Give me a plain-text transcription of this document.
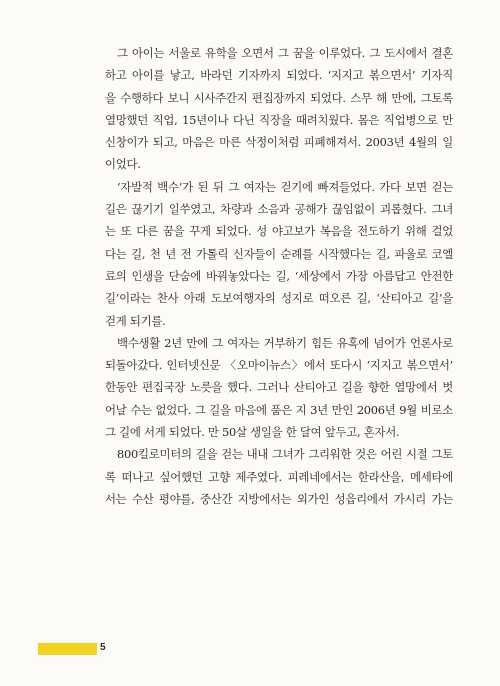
그 아이는 서울로 유학을 오면서 그 꿈을 이루었다. 그 도시에서 결혼
하고 아이를 낳고, 바라던 기자까지 되었다. ‘지지고 볶으면서’ 기자직
을 수행하다 보니 시사주간지 편집장까지 되었다. 스무 해 만에, 그토록
열망했던 직업, 15년이나 다닌 직장을 때려치웠다. 몸은 직업병으로 만
신창이가 되고, 마음은 마른 삭정이처럼 피폐해져서. 2003년 4월의 일
이었다.

‘자발적 백수’가 된 뒤 그 여자는 걷기에 빠져들었다. 가다 보면 걷는
길은 끊기기 일쑤였고, 차량과 소음과 공해가 끊임없이 괴롭혔다. 그녀
는 또 다른 꿈을 꾸게 되었다. 성 야고보가 복음을 전도하기 위해 걸었
다는 길, 천 년 전 가톨릭 신자들이 순례를 시작했다는 길, 파울로 코엘
료의 인생을 단숨에 바꿔놓았다는 길, ‘세상에서 가장 아름답고 안전한
길’이라는 찬사 아래 도보여행자의 성지로 떠오른 길, ‘산티아고 길’을
걷게 되기를.

백수생활 2년 만에 그 여자는 거부하기 힘든 유혹에 넘어가 언론사로
되돌아갔다. 인터넷신문 〈오마이뉴스〉에서 또다시 ‘지지고 볶으면서’
한동안 편집국장 노릇을 했다. 그러나 산티아고 길을 향한 열망에서 벗
어날 수는 없었다. 그 길을 마음에 품은 지 3년 만인 2006년 9월 비로소
그 길에 서게 되었다. 만 50살 생일을 한 달여 앞두고, 혼자서.

800킬로미터의 길을 걷는 내내 그녀가 그리워한 것은 어린 시절 그토
록 떠나고 싶어했던 고향 제주였다. 피레네에서는 한라산을, 메세타에
서는 수산 평야를, 중산간 지방에서는 외가인 성읍리에서 가시리 가는

5
